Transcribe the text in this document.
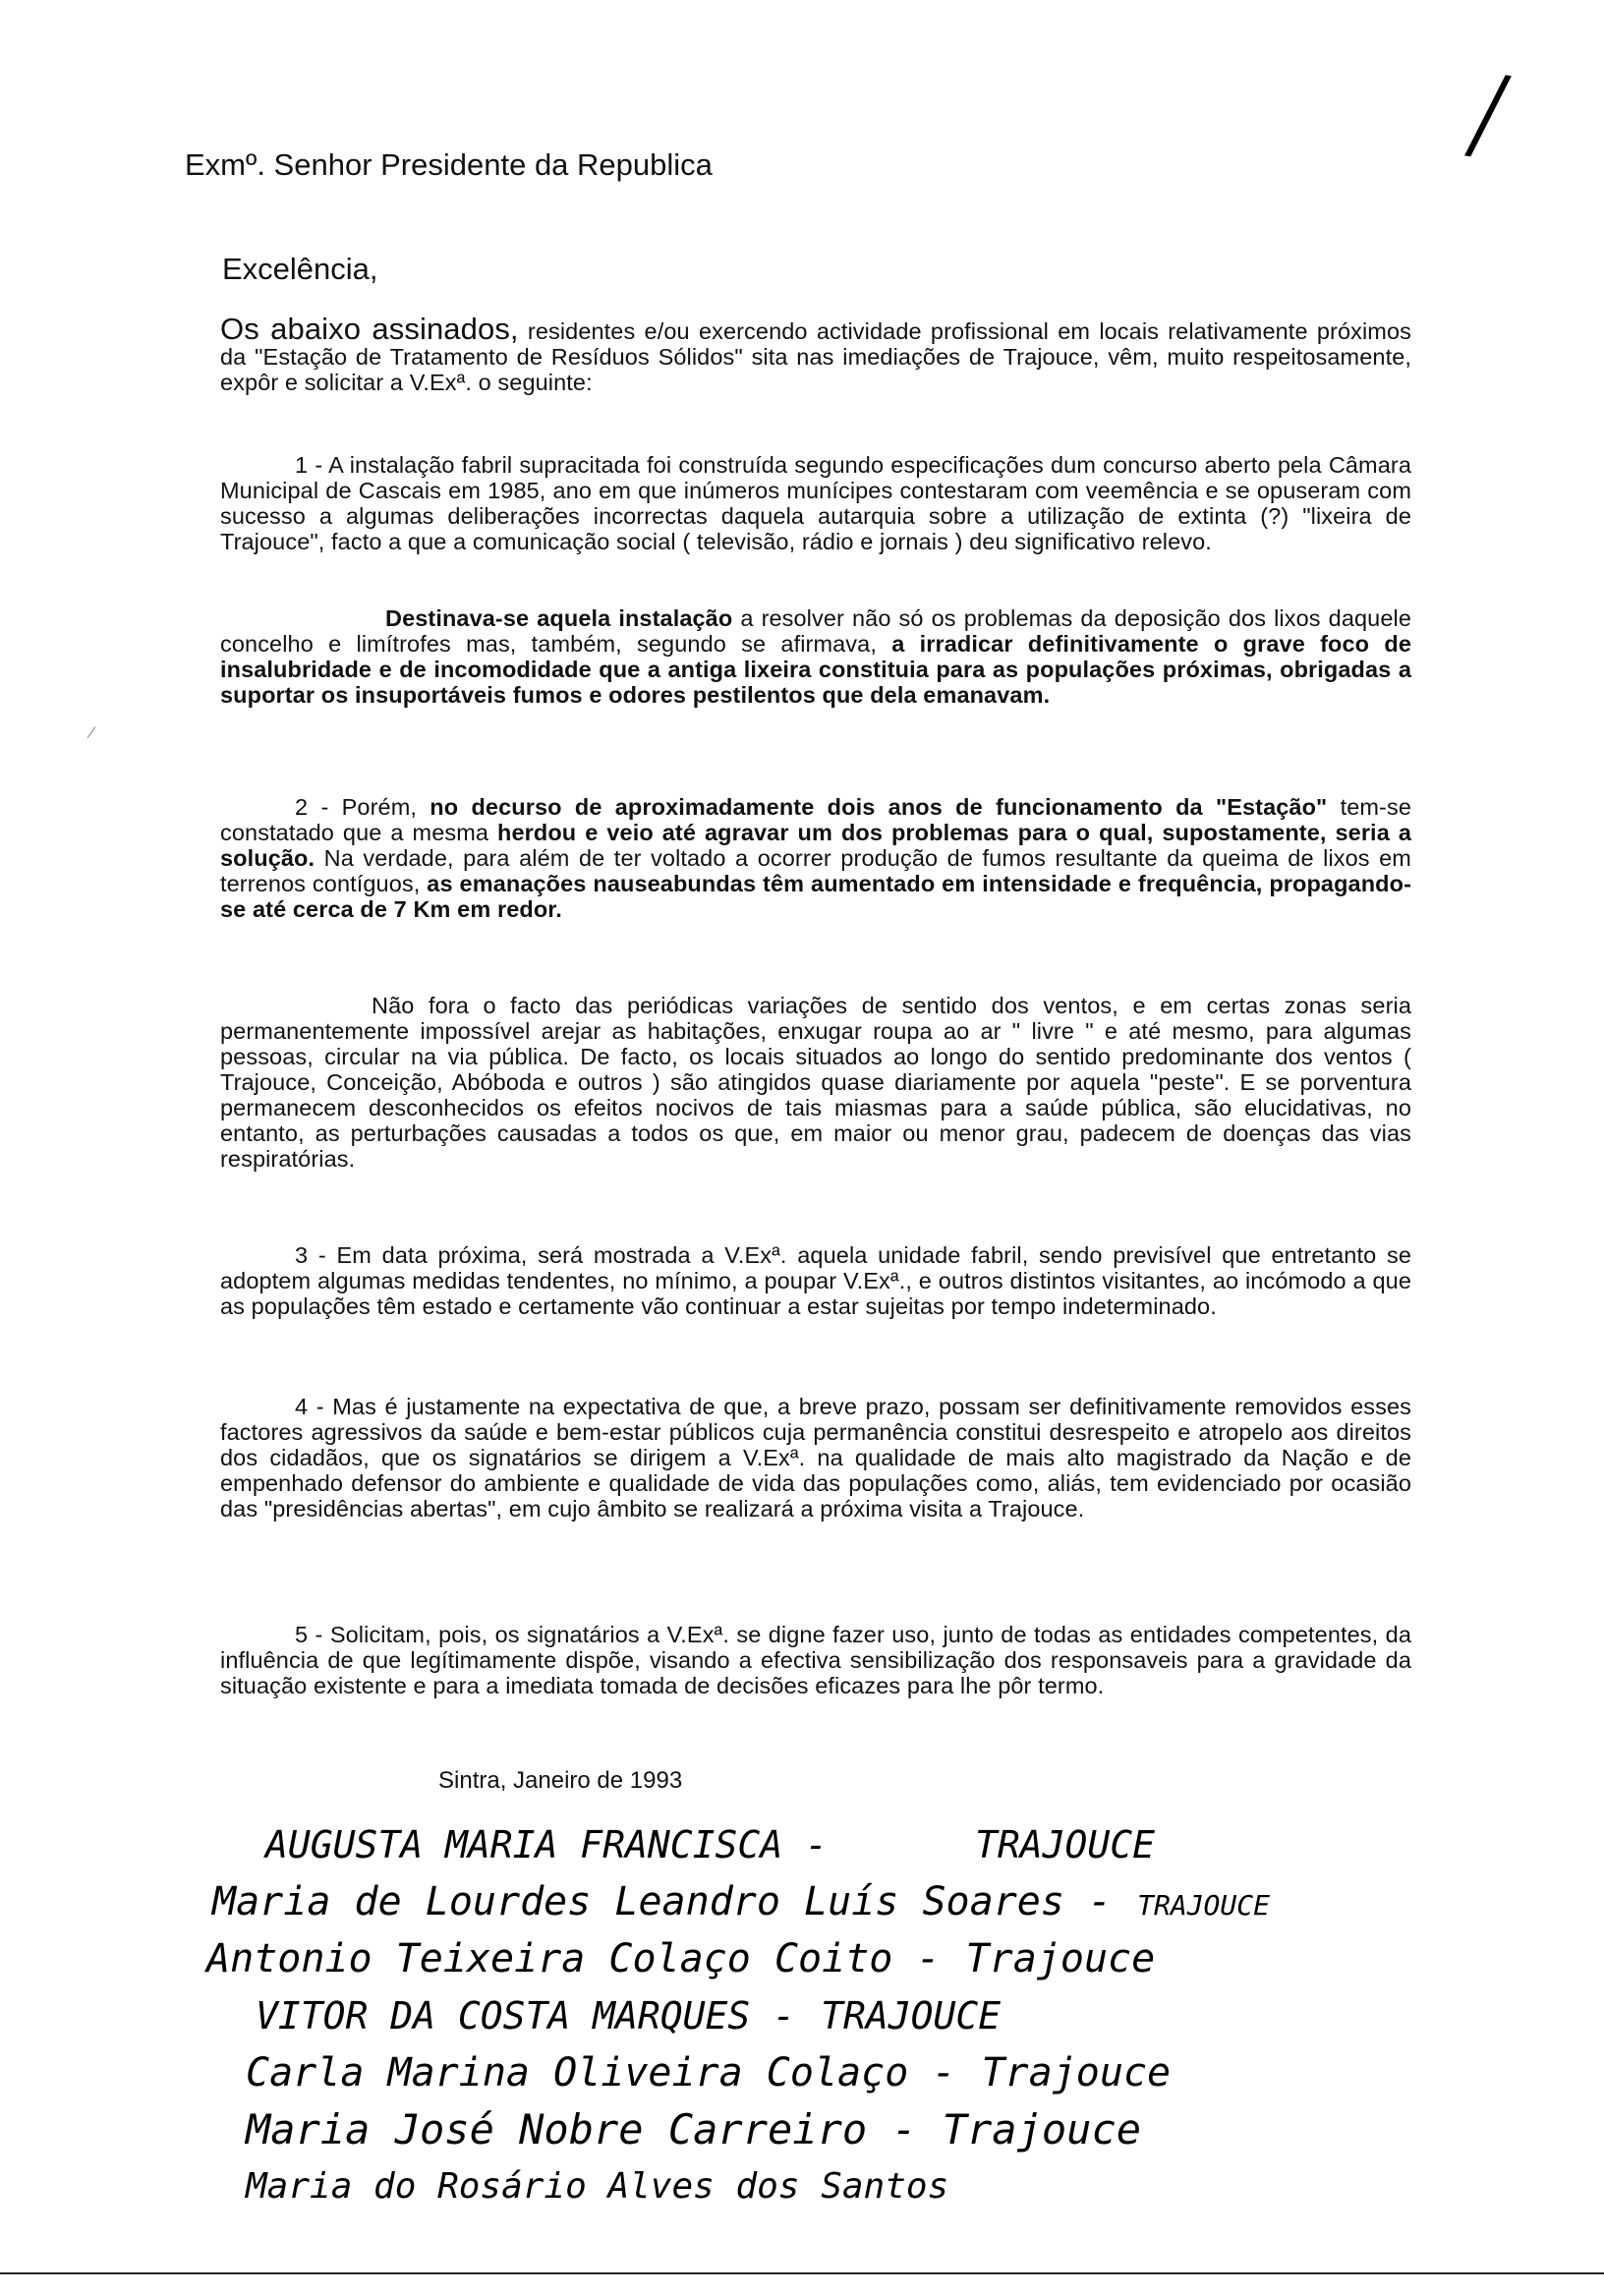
/
Exmº. Senhor Presidente da Republica

Excelência,

Os abaixo assinados, residentes e/ou exercendo actividade profissional em locais relativamente próximos da "Estação de Tratamento de Resíduos Sólidos" sita nas imediações de Trajouce, vêm, muito respeitosamente, expôr e solicitar a V.Exª. o seguinte:

1 - A instalação fabril supracitada foi construída segundo especificações dum concurso aberto pela Câmara Municipal de Cascais em 1985, ano em que inúmeros munícipes contestaram com veemência e se opuseram com sucesso a algumas deliberações incorrectas daquela autarquia sobre a utilização de extinta (?) "lixeira de Trajouce", facto a que a comunicação social ( televisão, rádio e jornais ) deu significativo relevo.

Destinava-se aquela instalação a resolver não só os problemas da deposição dos lixos daquele concelho e limítrofes mas, também, segundo se afirmava, a irradicar definitivamente o grave foco de insalubridade e de incomodidade que a antiga lixeira constituia para as populações próximas, obrigadas a suportar os insuportáveis fumos e odores pestilentos que dela emanavam.

2 - Porém, no decurso de aproximadamente dois anos de funcionamento da "Estação" tem-se constatado que a mesma herdou e veio até agravar um dos problemas para o qual, supostamente, seria a solução. Na verdade, para além de ter voltado a ocorrer produção de fumos resultante da queima de lixos em terrenos contíguos, as emanações nauseabundas têm aumentado em intensidade e frequência, propagando-se até cerca de 7 Km em redor.

Não fora o facto das periódicas variações de sentido dos ventos, e em certas zonas seria permanentemente impossível arejar as habitações, enxugar roupa ao ar " livre " e até mesmo, para algumas pessoas, circular na via pública. De facto, os locais situados ao longo do sentido predominante dos ventos ( Trajouce, Conceição, Abóboda e outros ) são atingidos quase diariamente por aquela "peste". E se porventura permanecem desconhecidos os efeitos nocivos de tais miasmas para a saúde pública, são elucidativas, no entanto, as perturbações causadas a todos os que, em maior ou menor grau, padecem de doenças das vias respiratórias.

3 - Em data próxima, será mostrada a V.Exª. aquela unidade fabril, sendo previsível que entretanto se adoptem algumas medidas tendentes, no mínimo, a poupar V.Exª., e outros distintos visitantes, ao incómodo a que as populações têm estado e certamente vão continuar a estar sujeitas por tempo indeterminado.

4 - Mas é justamente na expectativa de que, a breve prazo, possam ser definitivamente removidos esses factores agressivos da saúde e bem-estar públicos cuja permanência constitui desrespeito e atropelo aos direitos dos cidadãos, que os signatários se dirigem a V.Exª. na qualidade de mais alto magistrado da Nação e de empenhado defensor do ambiente e qualidade de vida das populações como, aliás, tem evidenciado por ocasião das "presidências abertas", em cujo âmbito se realizará a próxima visita a Trajouce.

5 - Solicitam, pois, os signatários a V.Exª. se digne fazer uso, junto de todas as entidades competentes, da influência de que legítimamente dispõe, visando a efectiva sensibilização dos responsaveis para a gravidade da situação existente e para a imediata tomada de decisões eficazes para lhe pôr termo.

Sintra, Janeiro de 1993

AUGUSTA MARIA FRANCISCA -	TRAJOUCE
Maria de Lourdes Leandro Luís Soares - TRAJOUCE
Antonio Teixeira Colaço Coito - Trajouce
VITOR DA COSTA MARQUES - TRAJOUCE
Carla Marina Oliveira Colaço - Trajouce
Maria José Nobre Carreiro - Trajouce
Maria do Rosário Alves dos Santos
